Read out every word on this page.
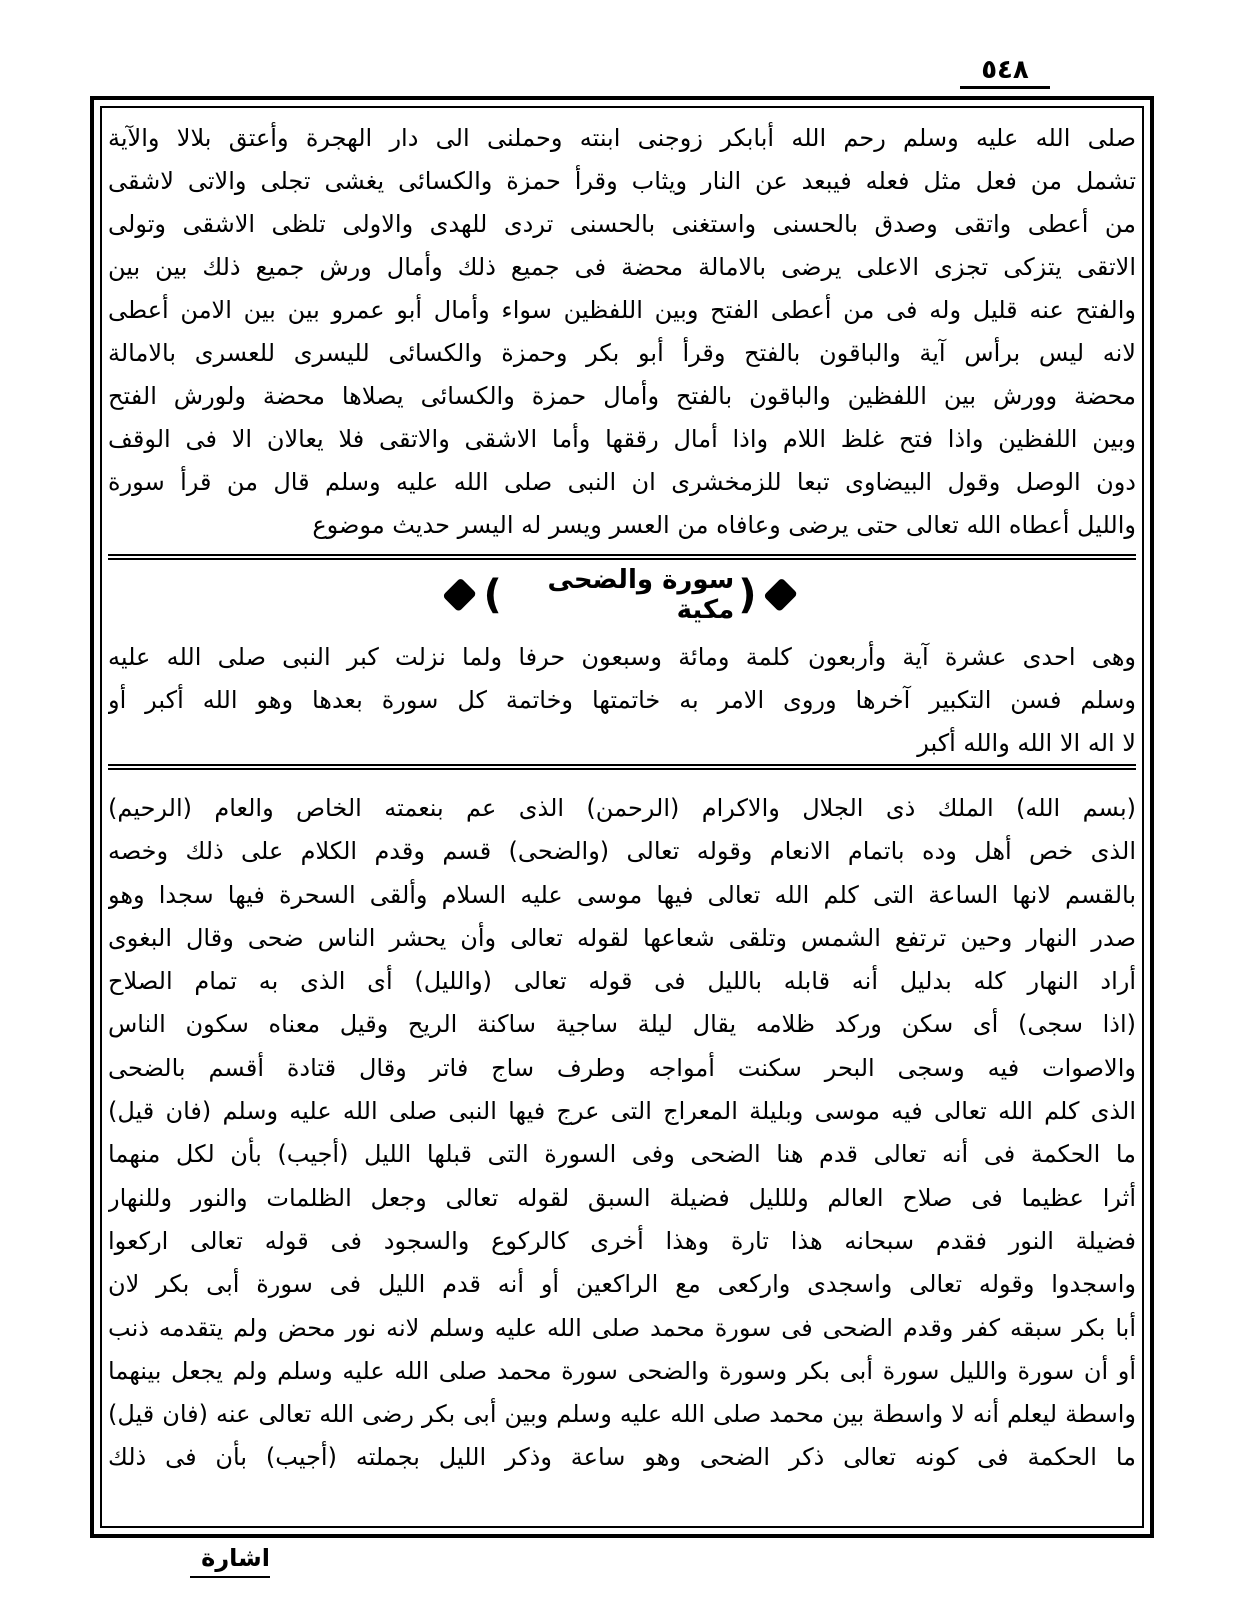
٥٤٨
صلى الله عليه وسلم رحم الله أبابكر زوجنى ابنته وحملنى الى دار الهجرة وأعتق بلالا والآية
تشمل من فعل مثل فعله فيبعد عن النار ويثاب وقرأ حمزة والكسائى يغشى تجلى والاتى لاشقى
من أعطى واتقى وصدق بالحسنى واستغنى بالحسنى تردى للهدى والاولى تلظى الاشقى وتولى
الاتقى يتزكى تجزى الاعلى يرضى بالامالة محضة فى جميع ذلك وأمال ورش جميع ذلك بين بين
والفتح عنه قليل وله فى من أعطى الفتح وبين اللفظين سواء وأمال أبو عمرو بين بين الامن أعطى
لانه ليس برأس آية والباقون بالفتح وقرأ أبو بكر وحمزة والكسائى لليسرى للعسرى بالامالة
محضة وورش بين اللفظين والباقون بالفتح وأمال حمزة والكسائى يصلاها محضة ولورش الفتح
وبين اللفظين واذا فتح غلظ اللام واذا أمال رققها وأما الاشقى والاتقى فلا يعالان الا فى الوقف
دون الوصل وقول البيضاوى تبعا للزمخشرى ان النبى صلى الله عليه وسلم قال من قرأ سورة
والليل أعطاه الله تعالى حتى يرضى وعافاه من العسر ويسر له اليسر حديث موضوع
(
سورة والضحى مكية
)
وهى احدى عشرة آية وأربعون كلمة ومائة وسبعون حرفا ولما نزلت كبر النبى صلى الله عليه
وسلم فسن التكبير آخرها وروى الامر به خاتمتها وخاتمة كل سورة بعدها وهو الله أكبر أو
لا اله الا الله والله أكبر
(بسم الله) الملك ذى الجلال والاكرام (الرحمن) الذى عم بنعمته الخاص والعام (الرحيم)
الذى خص أهل وده باتمام الانعام وقوله تعالى (والضحى) قسم وقدم الكلام على ذلك وخصه
بالقسم لانها الساعة التى كلم الله تعالى فيها موسى عليه السلام وألقى السحرة فيها سجدا وهو
صدر النهار وحين ترتفع الشمس وتلقى شعاعها لقوله تعالى وأن يحشر الناس ضحى وقال البغوى
أراد النهار كله بدليل أنه قابله بالليل فى قوله تعالى (والليل) أى الذى به تمام الصلاح
(اذا سجى) أى سكن وركد ظلامه يقال ليلة ساجية ساكنة الريح وقيل معناه سكون الناس
والاصوات فيه وسجى البحر سكنت أمواجه وطرف ساج فاتر وقال قتادة أقسم بالضحى
الذى كلم الله تعالى فيه موسى وبليلة المعراج التى عرج فيها النبى صلى الله عليه وسلم (فان قيل)
ما الحكمة فى أنه تعالى قدم هنا الضحى وفى السورة التى قبلها الليل (أجيب) بأن لكل منهما
أثرا عظيما فى صلاح العالم وللليل فضيلة السبق لقوله تعالى وجعل الظلمات والنور وللنهار
فضيلة النور فقدم سبحانه هذا تارة وهذا أخرى كالركوع والسجود فى قوله تعالى اركعوا
واسجدوا وقوله تعالى واسجدى واركعى مع الراكعين أو أنه قدم الليل فى سورة أبى بكر لان
أبا بكر سبقه كفر وقدم الضحى فى سورة محمد صلى الله عليه وسلم لانه نور محض ولم يتقدمه ذنب
أو أن سورة والليل سورة أبى بكر وسورة والضحى سورة محمد صلى الله عليه وسلم ولم يجعل بينهما
واسطة ليعلم أنه لا واسطة بين محمد صلى الله عليه وسلم وبين أبى بكر رضى الله تعالى عنه (فان قيل)
ما الحكمة فى كونه تعالى ذكر الضحى وهو ساعة وذكر الليل بجملته (أجيب) بأن فى ذلك
اشارة
